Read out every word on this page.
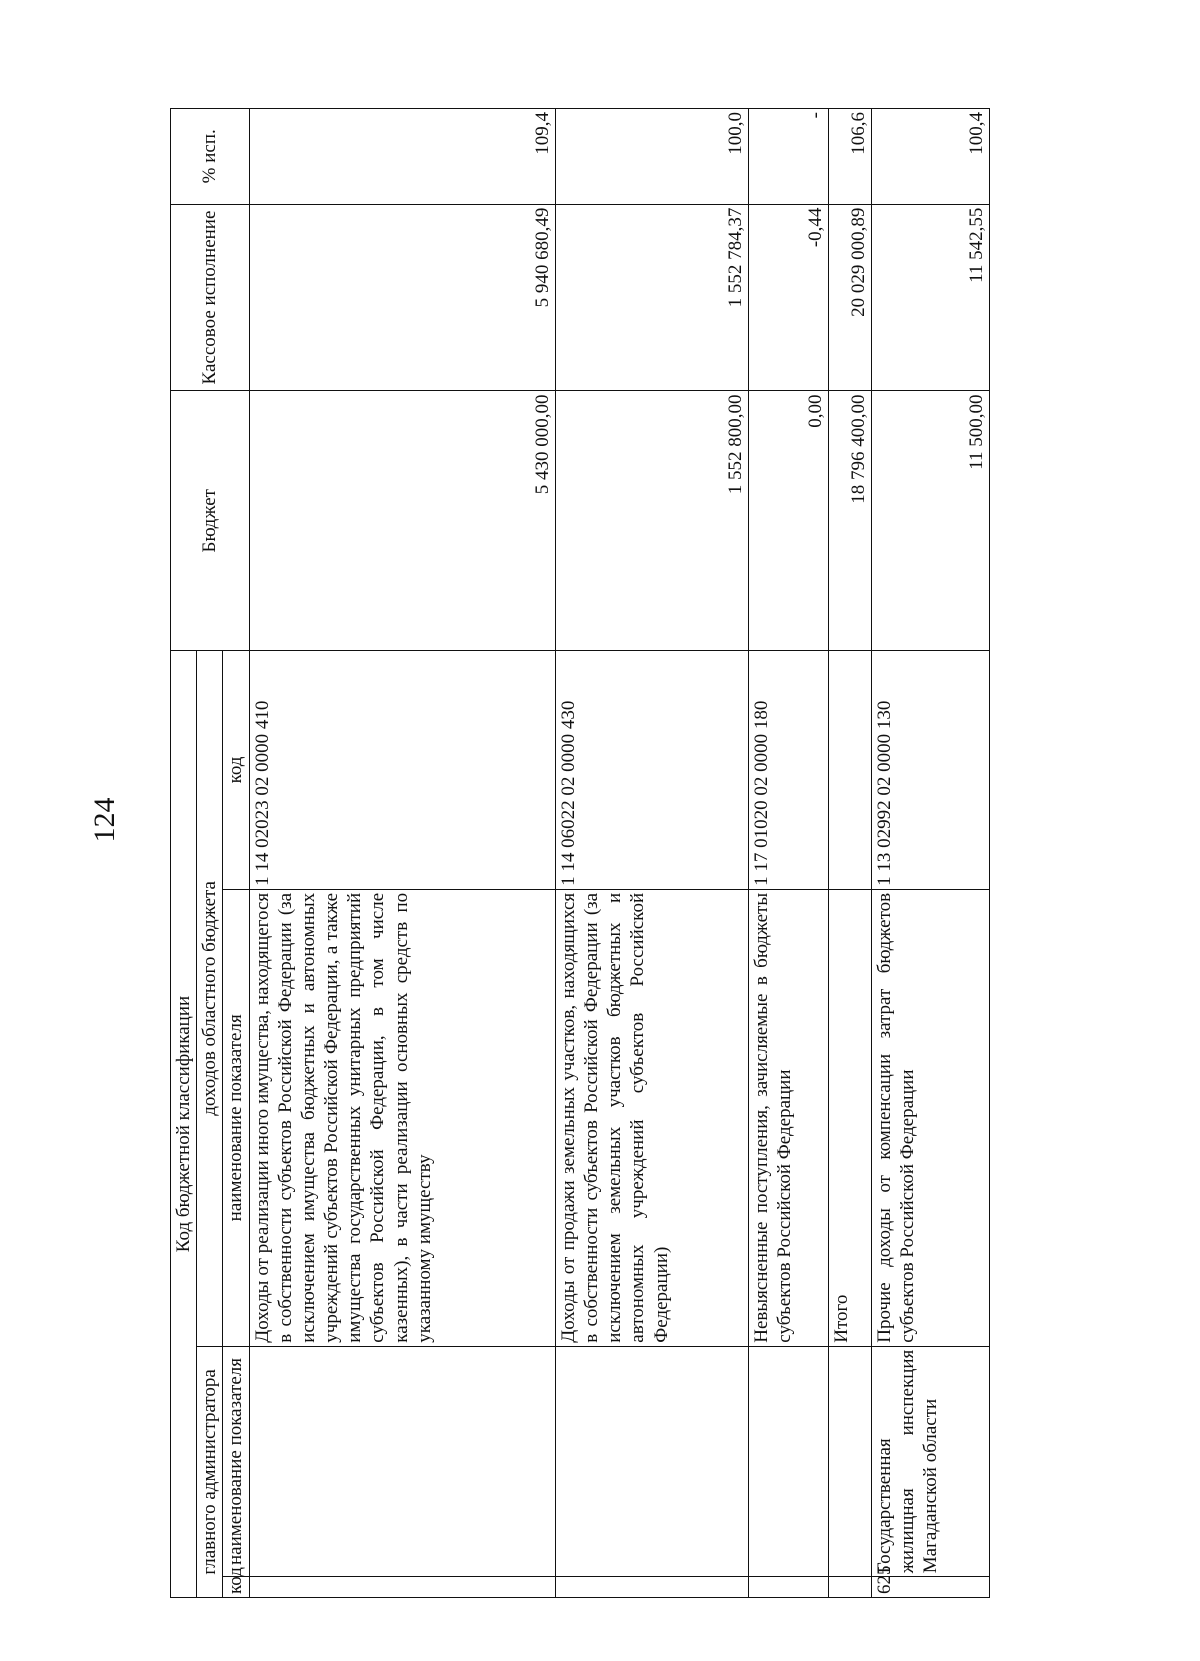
124
Код бюджетной классификации				Бюджет	Кассовое исполнение	% исп.
главного администратора		доходов областного бюджета				
код	наименование показателя	наименование показателя	код			
		Доходы от реализации иного имущества, находящегося в собственности субъектов Российской Федерации (за исключением имущества бюджетных и автономных учреждений субъектов Российской Федерации, а также имущества государственных унитарных предприятий субъектов Российской Федерации, в том числе казенных), в части реализации основных средств по указанному имуществу	1 14 02023 02 0000 410	5 430 000,00	5 940 680,49	109,4
		Доходы от продажи земельных участков, находящихся в собственности субъектов Российской Федерации (за исключением земельных участков бюджетных и автономных учреждений субъектов Российской Федерации)	1 14 06022 02 0000 430	1 552 800,00	1 552 784,37	100,0
		Невыясненные поступления, зачисляемые в бюджеты субъектов Российской Федерации	1 17 01020 02 0000 180	0,00	-0,44	-
		Итого		18 796 400,00	20 029 000,89	106,6
625	Государственная жилищная инспекция Магаданской области	Прочие доходы от компенсации затрат бюджетов субъектов Российской Федерации	1 13 02992 02 0000 130	11 500,00	11 542,55	100,4
